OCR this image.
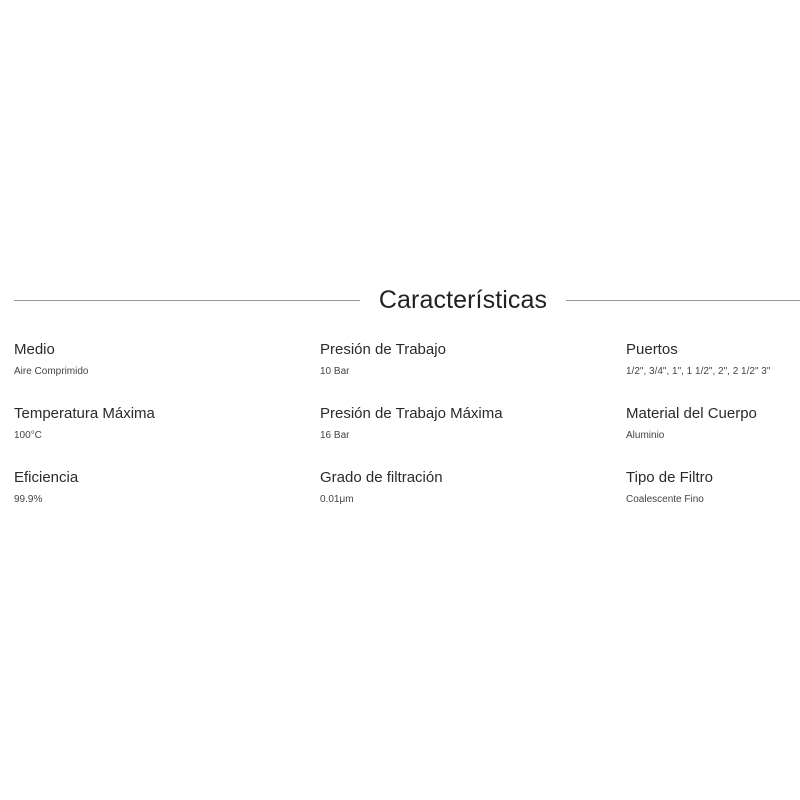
Características
Medio
Aire Comprimido
Presión de Trabajo
10 Bar
Puertos
1/2", 3/4", 1", 1 1/2", 2", 2 1/2" 3"
Temperatura Máxima
100°C
Presión de Trabajo Máxima
16 Bar
Material del Cuerpo
Aluminio
Eficiencia
99.9%
Grado de filtración
0.01μm
Tipo de Filtro
Coalescente Fino
